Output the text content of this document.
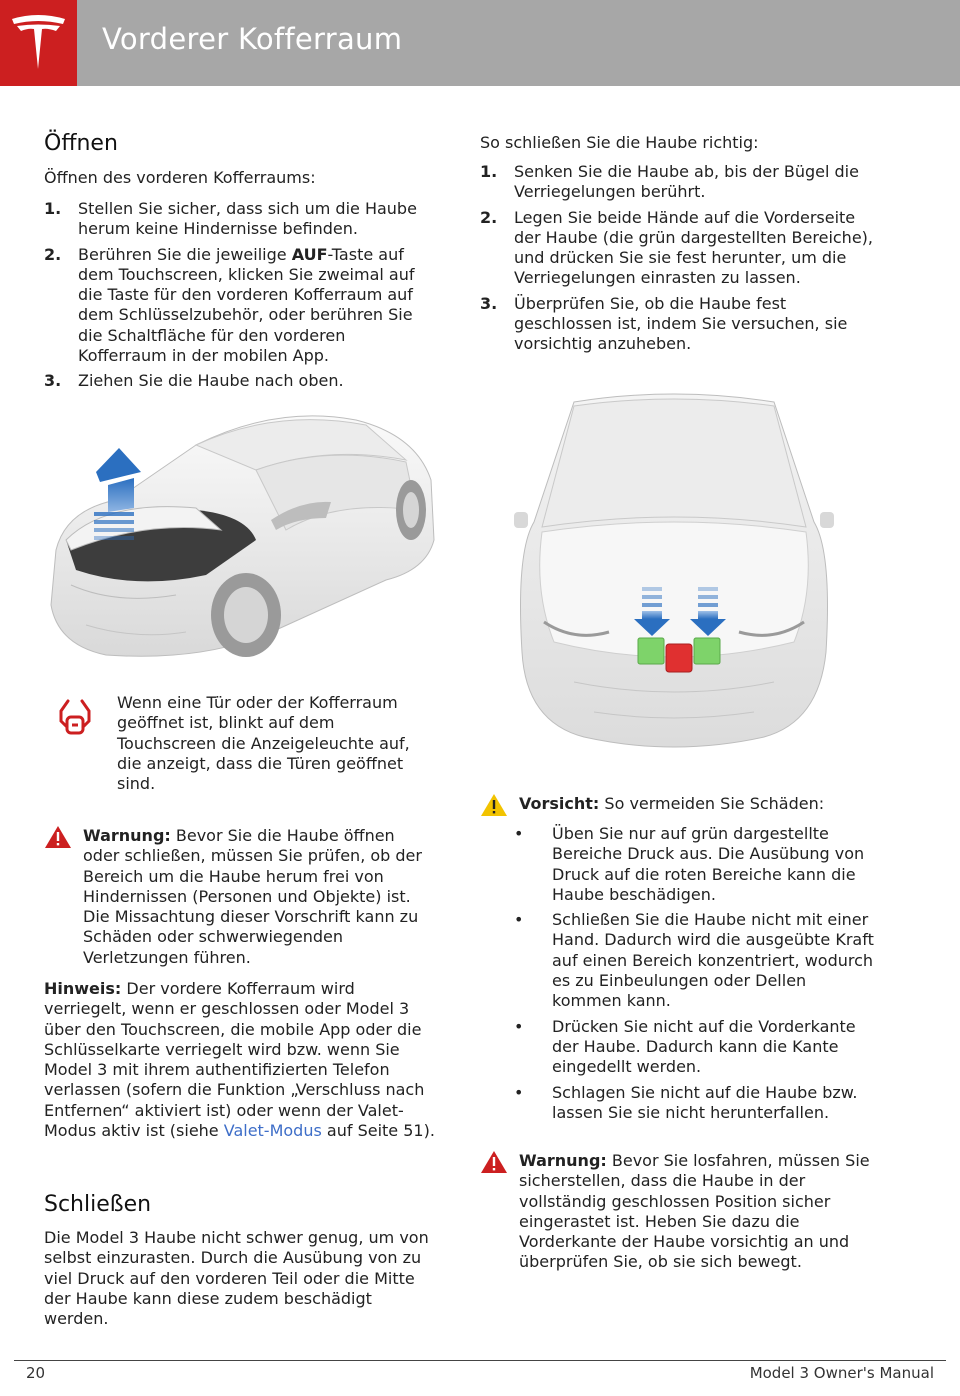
Vorderer Kofferraum
Öffnen

Öffnen des vorderen Kofferraums:

1. Stellen Sie sicher, dass sich um die Haube herum keine Hindernisse befinden.
2. Berühren Sie die jeweilige AUF-Taste auf dem Touchscreen, klicken Sie zweimal auf die Taste für den vorderen Kofferraum auf dem Schlüsselzubehör, oder berühren Sie die Schaltfläche für den vorderen Kofferraum in der mobilen App.
3. Ziehen Sie die Haube nach oben.

Wenn eine Tür oder der Kofferraum geöffnet ist, blinkt auf dem Touchscreen die Anzeigeleuchte auf, die anzeigt, dass die Türen geöffnet sind.

Warnung: Bevor Sie die Haube öffnen oder schließen, müssen Sie prüfen, ob der Bereich um die Haube herum frei von Hindernissen (Personen und Objekte) ist. Die Missachtung dieser Vorschrift kann zu Schäden oder schwerwiegenden Verletzungen führen.

Hinweis: Der vordere Kofferraum wird verriegelt, wenn er geschlossen oder Model 3 über den Touchscreen, die mobile App oder die Schlüsselkarte verriegelt wird bzw. wenn Sie Model 3 mit ihrem authentifizierten Telefon verlassen (sofern die Funktion „Verschluss nach Entfernen“ aktiviert ist) oder wenn der Valet-Modus aktiv ist (siehe Valet-Modus auf Seite 51).

Schließen

Die Model 3 Haube nicht schwer genug, um von selbst einzurasten. Durch die Ausübung von zu viel Druck auf den vorderen Teil oder die Mitte der Haube kann diese zudem beschädigt werden.

So schließen Sie die Haube richtig:

1. Senken Sie die Haube ab, bis der Bügel die Verriegelungen berührt.
2. Legen Sie beide Hände auf die Vorderseite der Haube (die grün dargestellten Bereiche), und drücken Sie sie fest herunter, um die Verriegelungen einrasten zu lassen.
3. Überprüfen Sie, ob die Haube fest geschlossen ist, indem Sie versuchen, sie vorsichtig anzuheben.

Vorsicht: So vermeiden Sie Schäden:

• Üben Sie nur auf grün dargestellte Bereiche Druck aus. Die Ausübung von Druck auf die roten Bereiche kann die Haube beschädigen.
• Schließen Sie die Haube nicht mit einer Hand. Dadurch wird die ausgeübte Kraft auf einen Bereich konzentriert, wodurch es zu Einbeulungen oder Dellen kommen kann.
• Drücken Sie nicht auf die Vorderkante der Haube. Dadurch kann die Kante eingedellt werden.
• Schlagen Sie nicht auf die Haube bzw. lassen Sie sie nicht herunterfallen.

Warnung: Bevor Sie losfahren, müssen Sie sicherstellen, dass die Haube in der vollständig geschlossen Position sicher eingerastet ist. Heben Sie dazu die Vorderkante der Haube vorsichtig an und überprüfen Sie, ob sie sich bewegt.

20	Model 3 Owner's Manual
